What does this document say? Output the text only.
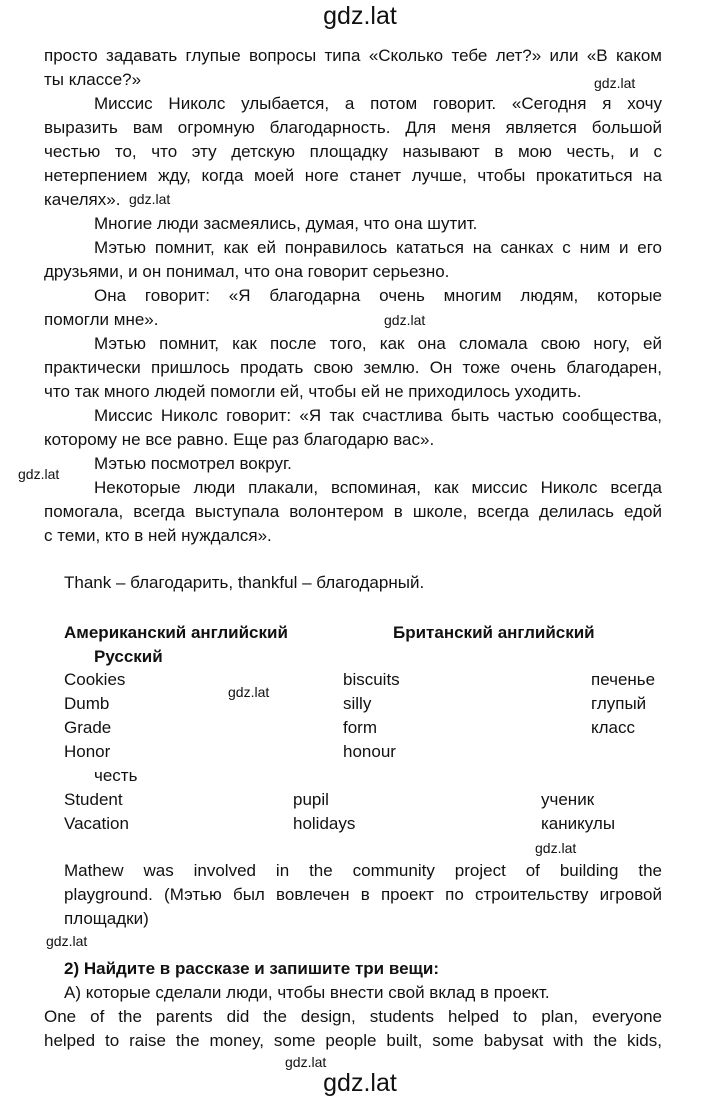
gdz.lat
просто задавать глупые вопросы типа «Сколько тебе лет?» или «В каком
ты классе?»	gdz.lat
Миссис Николс улыбается, а потом говорит. «Сегодня я хочу
выразить вам огромную благодарность. Для меня является большой
честью то, что эту детскую площадку называют в мою честь, и с
нетерпением жду, когда моей ноге станет лучше, чтобы прокатиться на
качелях». gdz.lat
Многие люди засмеялись, думая, что она шутит.
Мэтью помнит, как ей понравилось кататься на санках с ним и его
друзьями, и он понимал, что она говорит серьезно.
Она говорит: «Я благодарна очень многим людям, которые
помогли мне».	gdz.lat
Мэтью помнит, как после того, как она сломала свою ногу, ей
практически пришлось продать свою землю. Он тоже очень благодарен,
что так много людей помогли ей, чтобы ей не приходилось уходить.
Миссис Николс говорит: «Я так счастлива быть частью сообщества,
которому не все равно. Еще раз благодарю вас».
Мэтью посмотрел вокруг.
gdz.lat
Некоторые люди плакали, вспоминая, как миссис Николс всегда
помогала, всегда выступала волонтером в школе, всегда делилась едой
с теми, кто в ней нуждался».
Thank – благодарить, thankful – благодарный.
Американский английский	Британский английский
Русский
Cookies	biscuits	печенье
gdz.lat
Dumb	silly	глупый
Grade	form	класс
Honor	honour
честь
Student	pupil	ученик
Vacation	holidays	каникулы
gdz.lat
Mathew was involved in the community project of building the
playground. (Мэтью был вовлечен в проект по строительству игровой
площадки)
gdz.lat
2) Найдите в рассказе и запишите три вещи:
А) которые сделали люди, чтобы внести свой вклад в проект.
One of the parents did the design, students helped to plan, everyone
helped to raise the money, some people built, some babysat with the kids,
gdz.lat
gdz.lat
